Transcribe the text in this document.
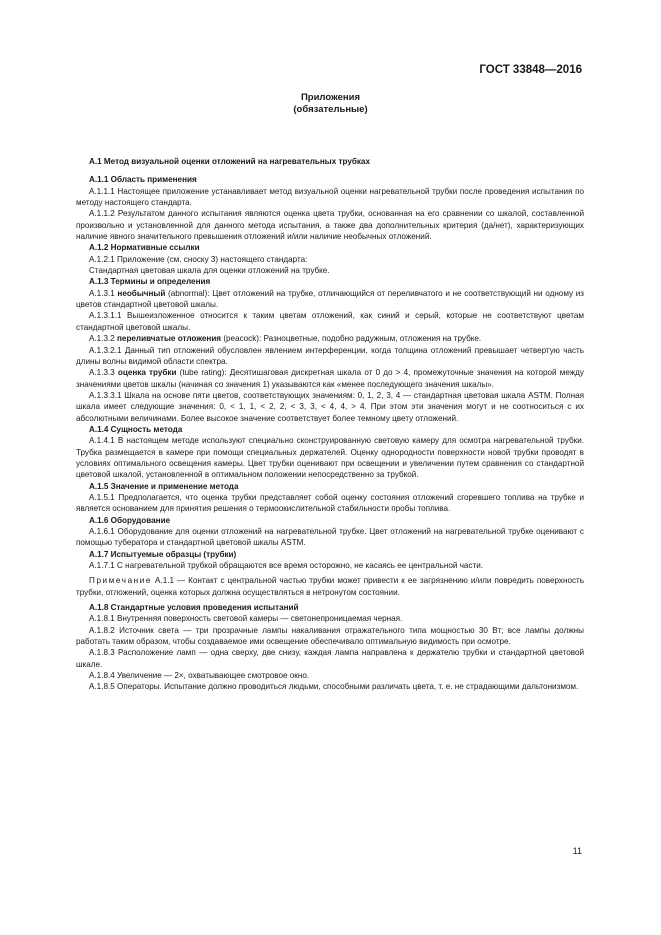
ГОСТ 33848—2016
Приложения
(обязательные)

А.1 Метод визуальной оценки отложений на нагревательных трубках

А.1.1 Область применения

А.1.1.1 Настоящее приложение устанавливает метод визуальной оценки нагревательной трубки после проведения испытания по методу настоящего стандарта.

А.1.1.2 Результатом данного испытания являются оценка цвета трубки, основанная на его сравнении со шкалой, составленной произвольно и установленной для данного метода испытания, а также два дополнительных критерия (да/нет), характеризующих наличие явного значительного превышения отложений и/или наличие необычных отложений.

А.1.2 Нормативные ссылки

А.1.2.1 Приложение (см. сноску 3) настоящего стандарта:

Стандартная цветовая шкала для оценки отложений на трубке.

А.1.3 Термины и определения

А.1.3.1 необычный (abnormal): Цвет отложений на трубке, отличающийся от переливчатого и не соответствующий ни одному из цветов стандартной цветовой шкалы.

А.1.3.1.1 Вышеизложенное относится к таким цветам отложений, как синий и серый, которые не соответствуют цветам стандартной цветовой шкалы.

А.1.3.2 переливчатые отложения (peacock): Разноцветные, подобно радужным, отложения на трубке.

А.1.3.2.1 Данный тип отложений обусловлен явлением интерференции, когда толщина отложений превышает четвертую часть длины волны видимой области спектра.

А.1.3.3 оценка трубки (tube rating): Десятишаговая дискретная шкала от 0 до > 4, промежуточные значения на которой между значениями цветов шкалы (начиная со значения 1) указываются как «менее последующего значения шкалы».

А.1.3.3.1 Шкала на основе пяти цветов, соответствующих значениям: 0, 1, 2, 3, 4 — стандартная цветовая шкала ASTM. Полная шкала имеет следующие значения: 0, < 1, 1, < 2, 2, < 3, 3, < 4, 4, > 4. При этом эти значения могут и не соотноситься с их абсолютными величинами. Более высокое значение соответствует более темному цвету отложений.

А.1.4 Сущность метода

А.1.4.1 В настоящем методе используют специально сконструированную световую камеру для осмотра нагревательной трубки. Трубка размещается в камере при помощи специальных держателей. Оценку однородности поверхности новой трубки проводят в условиях оптимального освещения камеры. Цвет трубки оценивают при освещении и увеличении путем сравнения со стандартной цветовой шкалой, установленной в оптимальном положении непосредственно за трубкой.

А.1.5 Значение и применение метода

А.1.5.1 Предполагается, что оценка трубки представляет собой оценку состояния отложений сгоревшего топлива на трубке и является основанием для принятия решения о термоокислительной стабильности пробы топлива.

А.1.6 Оборудование

А.1.6.1 Оборудование для оценки отложений на нагревательной трубке. Цвет отложений на нагревательной трубке оценивают с помощью туберaтора и стандартной цветовой шкалы ASTM.

А.1.7 Испытуемые образцы (трубки)

А.1.7.1 С нагревательной трубкой обращаются все время осторожно, не касаясь ее центральной части.

Примечание А.1.1 — Контакт с центральной частью трубки может привести к ее загрязнению и/или повредить поверхность трубки, отложений, оценка которых должна осуществляться в нетронутом состоянии.

А.1.8 Стандартные условия проведения испытаний

А.1.8.1 Внутренняя поверхность световой камеры — светонепроницаемая черная.

А.1.8.2 Источник света — три прозрачные лампы накаливания отражательного типа мощностью 30 Вт; все лампы должны работать таким образом, чтобы создаваемое ими освещение обеспечивало оптимальную видимость при осмотре.

А.1.8.3 Расположение ламп — одна сверху, две снизу, каждая лампа направлена к держателю трубки и стандартной цветовой шкале.

А.1.8.4 Увеличение — 2×, охватывающее смотровое окно.

А.1.8.5 Операторы. Испытание должно проводиться людьми, способными различать цвета, т. е. не страдающими дальтонизмом.

11
